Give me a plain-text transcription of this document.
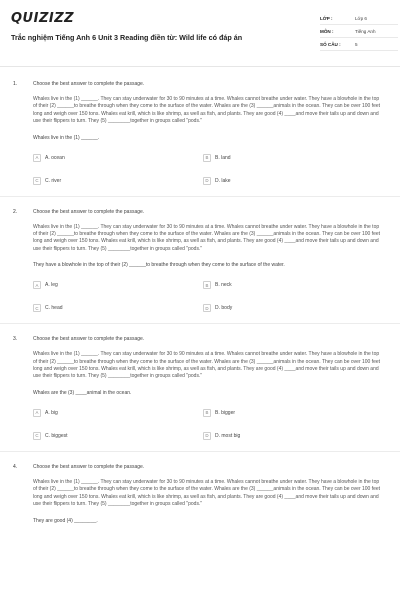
QUIZIZZ
Trắc nghiệm Tiếng Anh 6 Unit 3 Reading điền từ: Wild life có đáp án
LỚP :	Lớp 6
MÔN :	Tiếng Anh
SỐ CÂU :	5
1.	Choose the best answer to complete the passage.
Whales live in the (1) ______. They can stay underwater for 30 to 90 minutes at a time. Whales cannot breathe under water. They have a blowhole in the top of their (2) ______to breathe through when they come to the surface of the water. Whales are the (3) ______animals in the ocean. They can be over 100 feet long and weigh over 150 tons. Whales eat krill, which is like shrimp, as well as fish, and plants. They are good (4) ____and move their tails up and down and use their flippers to turn. They (5) ________together in groups called "pods."
Whales live in the (1) ______.
A	A. ocean	B	B. land
C	C. river	D	D. lake
2.	Choose the best answer to complete the passage.
Whales live in the (1) ______. They can stay underwater for 30 to 90 minutes at a time. Whales cannot breathe under water. They have a blowhole in the top of their (2) ______to breathe through when they come to the surface of the water. Whales are the (3) ______animals in the ocean. They can be over 100 feet long and weigh over 150 tons. Whales eat krill, which is like shrimp, as well as fish, and plants. They are good (4) ____and move their tails up and down and use their flippers to turn. They (5) ________together in groups called "pods."
They have a blowhole in the top of their (2) ______to breathe through when they come to the surface of the water.
A	A. leg	B	B. neck
C	C. head	D	D. body
3.	Choose the best answer to complete the passage.
Whales live in the (1) ______. They can stay underwater for 30 to 90 minutes at a time. Whales cannot breathe under water. They have a blowhole in the top of their (2) ______to breathe through when they come to the surface of the water. Whales are the (3) ______animals in the ocean. They can be over 100 feet long and weigh over 150 tons. Whales eat krill, which is like shrimp, as well as fish, and plants. They are good (4) ____and move their tails up and down and use their flippers to turn. They (5) ________together in groups called "pods."
Whales are the (3) ____animal in the ocean.
A	A. big	B	B. bigger
C	C. biggest	D	D. most big
4.	Choose the best answer to complete the passage.
Whales live in the (1) ______. They can stay underwater for 30 to 90 minutes at a time. Whales cannot breathe under water. They have a blowhole in the top of their (2) ______to breathe through when they come to the surface of the water. Whales are the (3) ______animals in the ocean. They can be over 100 feet long and weigh over 150 tons. Whales eat krill, which is like shrimp, as well as fish, and plants. They are good (4) ____and move their tails up and down and use their flippers to turn. They (5) ________together in groups called "pods."
They are good (4) ________.
